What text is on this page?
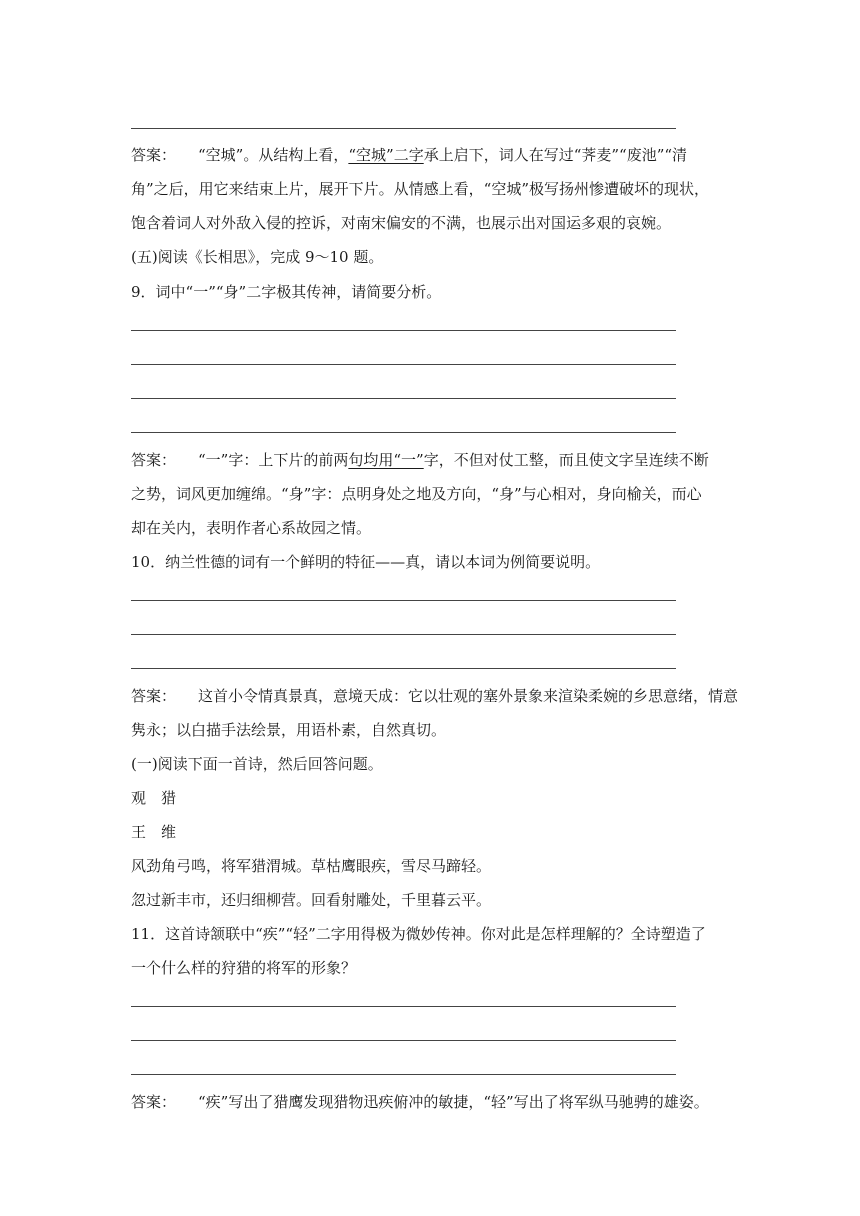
答案： “空城”。从结构上看，“空城”二字承上启下，词人在写过“荠麦”“废池”“清
角”之后，用它来结束上片，展开下片。从情感上看，“空城”极写扬州惨遭破坏的现状，
饱含着词人对外敌入侵的控诉，对南宋偏安的不满，也展示出对国运多艰的哀婉。
(五)阅读《长相思》，完成 9～10 题。
9．词中“一”“身”二字极其传神，请简要分析。
答案： “一”字：上下片的前两句均用“一”字，不但对仗工整，而且使文字呈连续不断
之势，词风更加缠绵。“身”字：点明身处之地及方向，“身”与心相对，身向榆关，而心
却在关内，表明作者心系故园之情。
10．纳兰性德的词有一个鲜明的特征——真，请以本词为例简要说明。
答案： 这首小令情真景真，意境天成：它以壮观的塞外景象来渲染柔婉的乡思意绪，情意
隽永；以白描手法绘景，用语朴素，自然真切。
(一)阅读下面一首诗，然后回答问题。
观　猎
王　维
风劲角弓鸣，将军猎渭城。草枯鹰眼疾，雪尽马蹄轻。
忽过新丰市，还归细柳营。回看射雕处，千里暮云平。
11．这首诗颔联中“疾”“轻”二字用得极为微妙传神。你对此是怎样理解的？全诗塑造了
一个什么样的狩猎的将军的形象？
答案： “疾”写出了猎鹰发现猎物迅疾俯冲的敏捷，“轻”写出了将军纵马驰骋的雄姿。
